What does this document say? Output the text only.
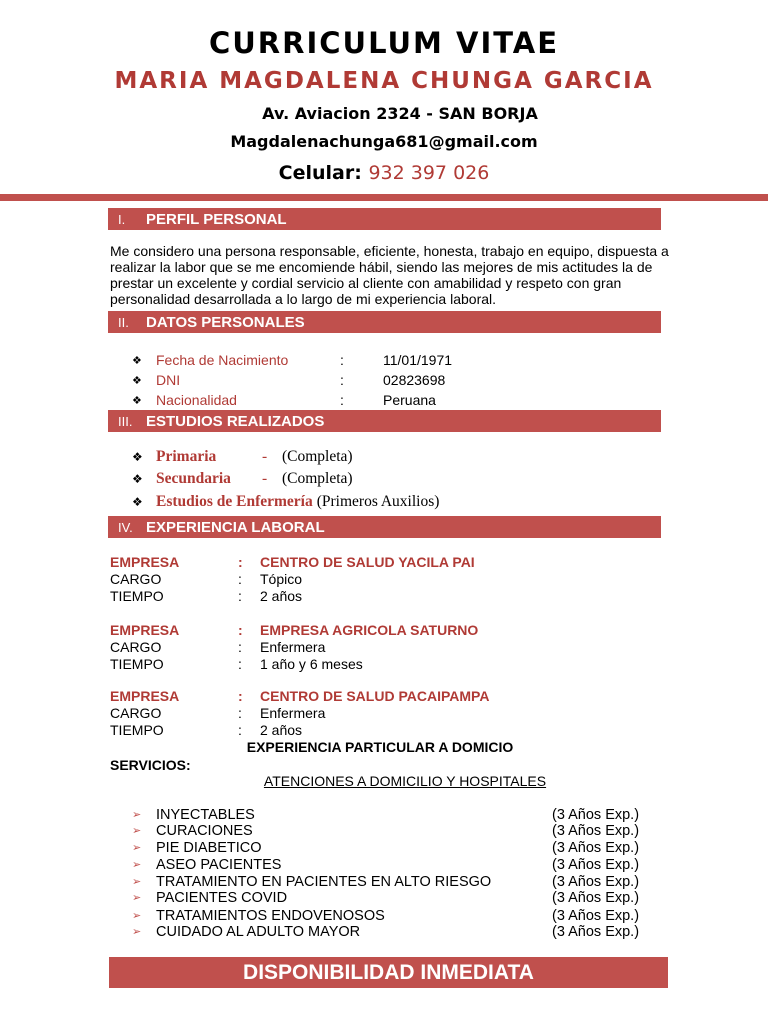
CURRICULUM VITAE
MARIA MAGDALENA CHUNGA GARCIA
Av. Aviacion 2324 - SAN BORJA
Magdalenachunga681@gmail.com
Celular: 932 397 026
I.	PERFIL PERSONAL
Me considero una persona responsable, eficiente, honesta, trabajo en equipo, dispuesta a realizar la labor que se me encomiende hábil, siendo las mejores de mis actitudes la de prestar un excelente y cordial servicio al cliente con amabilidad y respeto con gran personalidad desarrollada a lo largo de mi experiencia laboral.
II.	DATOS PERSONALES
❖	Fecha de Nacimiento	:	11/01/1971
❖	DNI	:	02823698
❖	Nacionalidad	:	Peruana
III. ESTUDIOS REALIZADOS
❖ Primaria	- (Completa)
❖ Secundaria	- (Completa)
❖ Estudios de Enfermería (Primeros Auxilios)
IV. EXPERIENCIA LABORAL
EMPRESA	:	CENTRO DE SALUD YACILA PAI
CARGO	:	Tópico
TIEMPO	:	2 años
EMPRESA	:	EMPRESA AGRICOLA SATURNO
CARGO	:	Enfermera
TIEMPO	:	1 año y 6 meses
EMPRESA	:	CENTRO DE SALUD PACAIPAMPA
CARGO	:	Enfermera
TIEMPO	:	2 años
EXPERIENCIA PARTICULAR A DOMICIO
SERVICIOS:
ATENCIONES A DOMICILIO Y HOSPITALES
➢	INYECTABLES	(3 Años Exp.)
➢	CURACIONES	(3 Años Exp.)
➢	PIE DIABETICO	(3 Años Exp.)
➢	ASEO PACIENTES	(3 Años Exp.)
➢	TRATAMIENTO EN PACIENTES EN ALTO RIESGO	(3 Años Exp.)
➢	PACIENTES COVID	(3 Años Exp.)
➢	TRATAMIENTOS ENDOVENOSOS	(3 Años Exp.)
➢	CUIDADO AL ADULTO MAYOR	(3 Años Exp.)
DISPONIBILIDAD INMEDIATA
